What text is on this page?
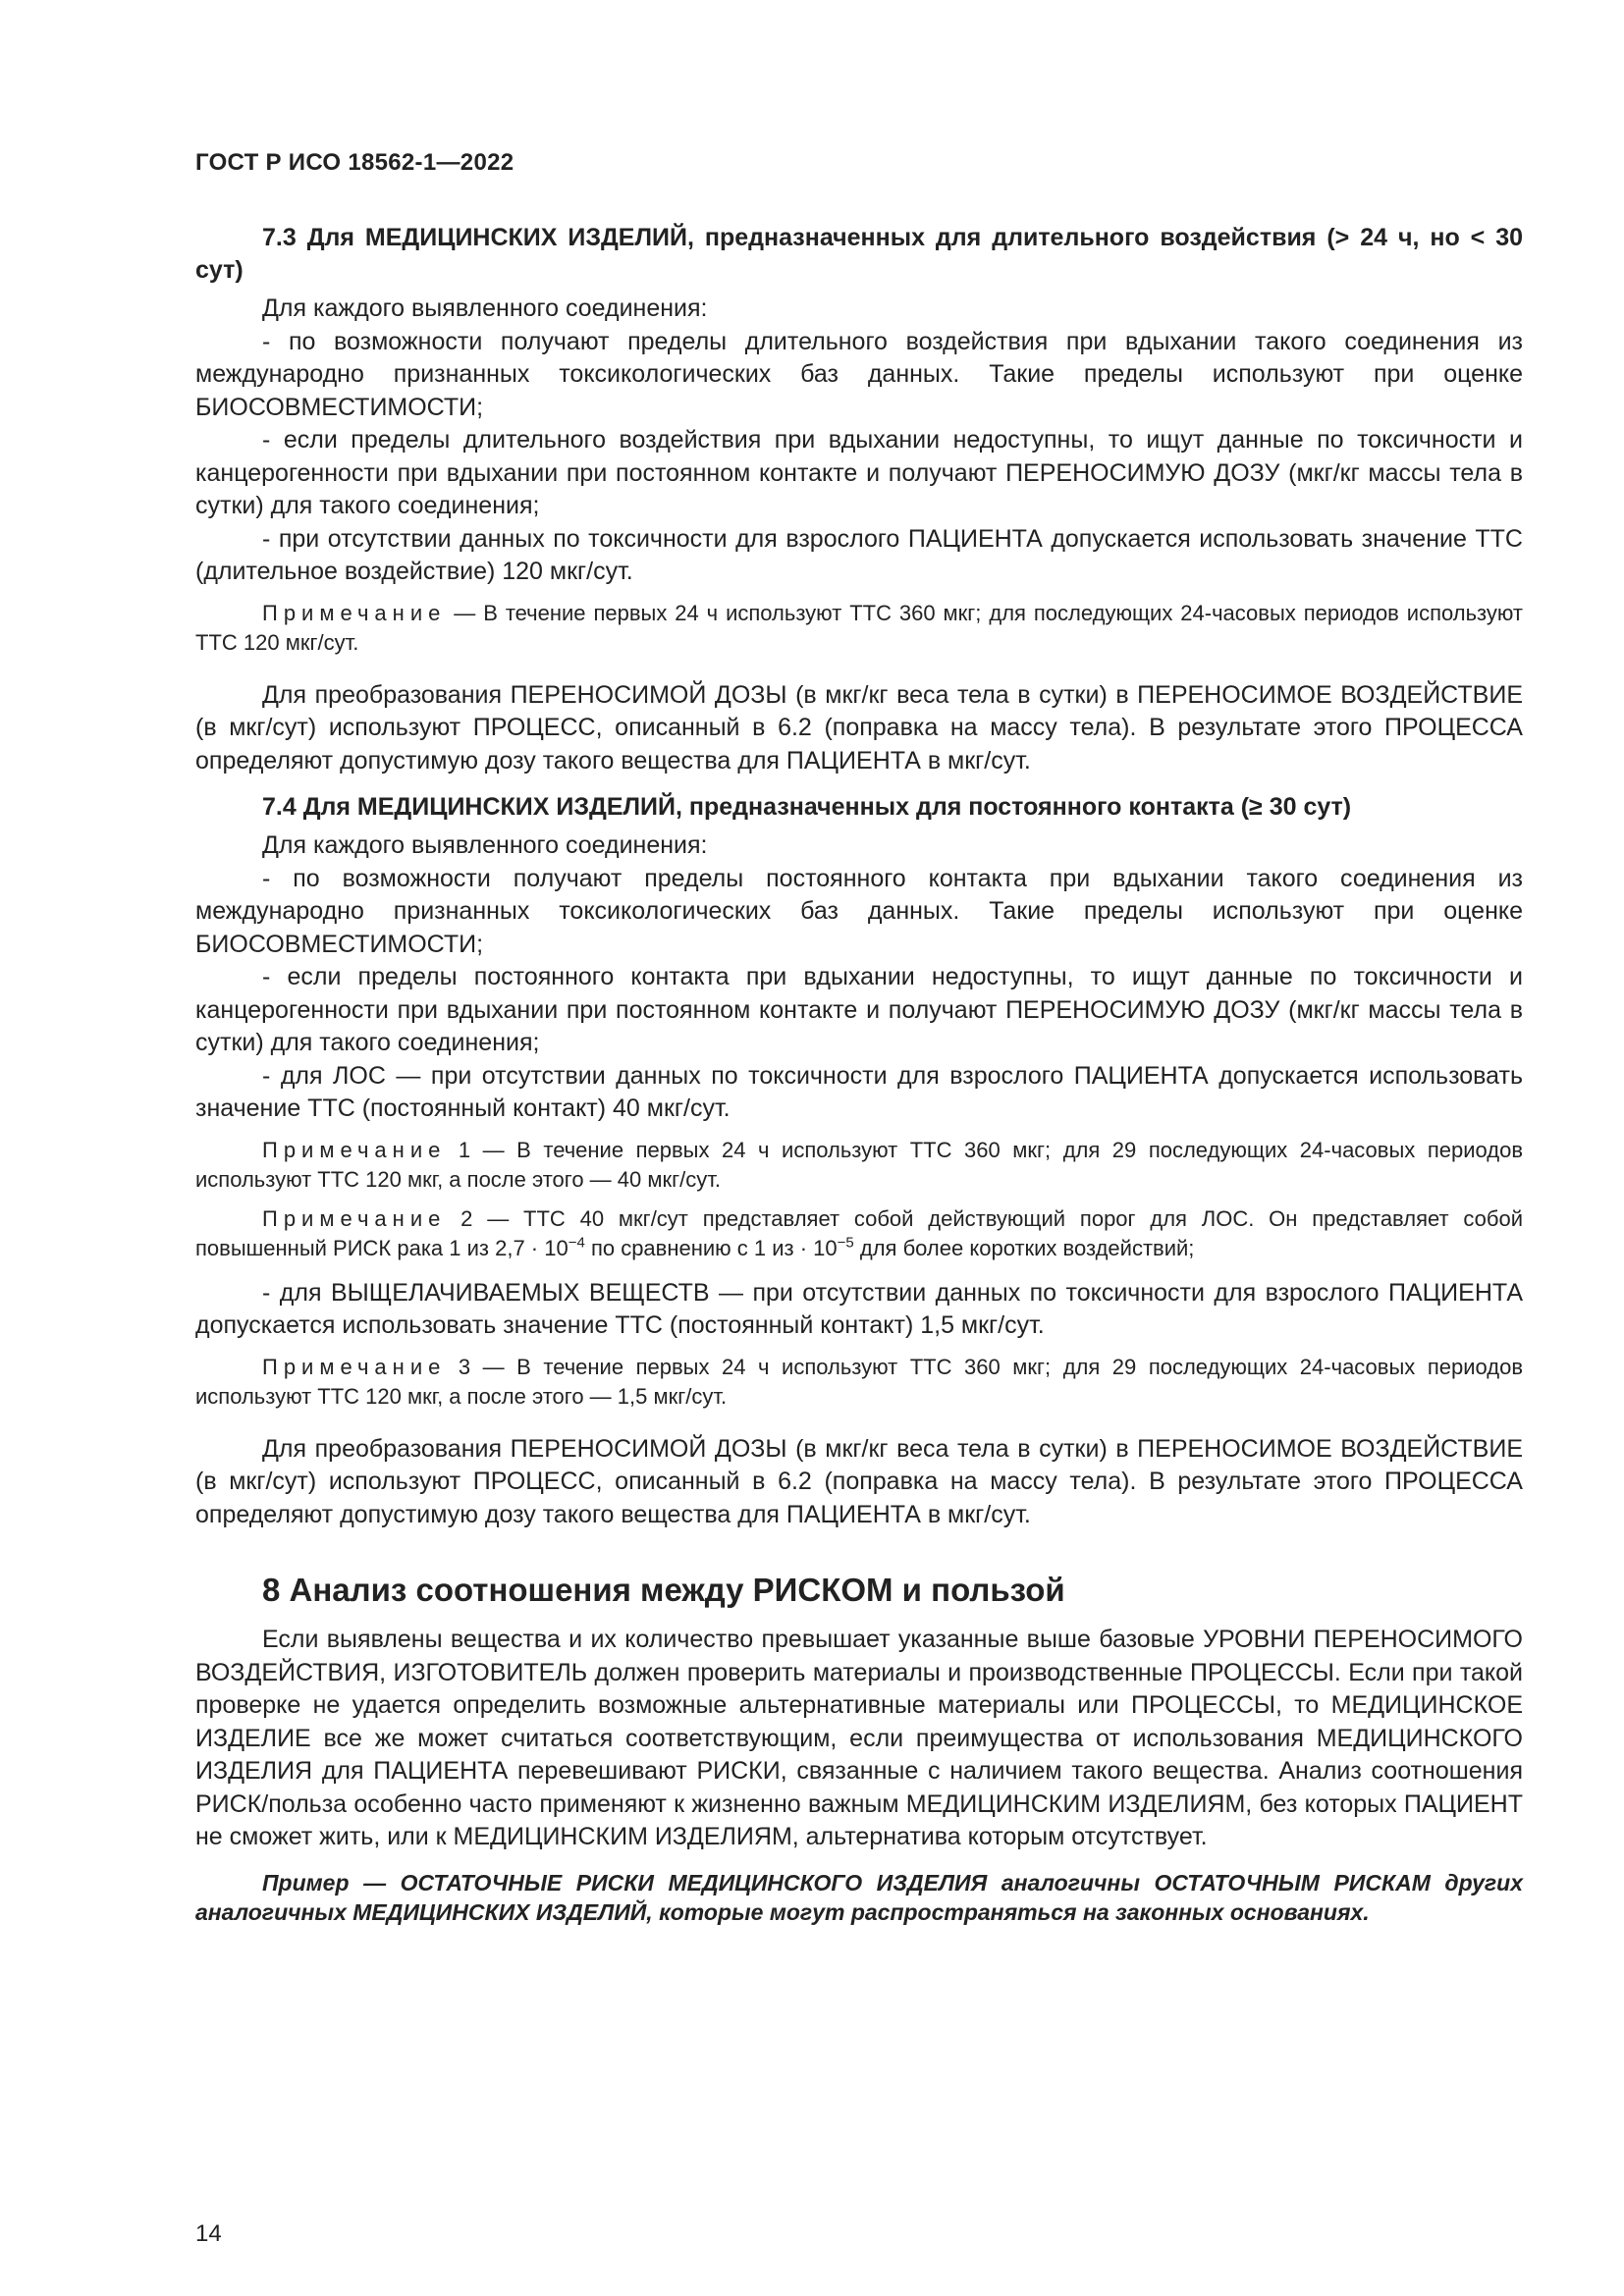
ГОСТ Р ИСО 18562-1—2022

7.3 Для МЕДИЦИНСКИХ ИЗДЕЛИЙ, предназначенных для длительного воздействия (> 24 ч, но < 30 сут)

Для каждого выявленного соединения:

- по возможности получают пределы длительного воздействия при вдыхании такого соединения из международно признанных токсикологических баз данных. Такие пределы используют при оценке БИОСОВМЕСТИМОСТИ;

- если пределы длительного воздействия при вдыхании недоступны, то ищут данные по токсичности и канцерогенности при вдыхании при постоянном контакте и получают ПЕРЕНОСИМУЮ ДОЗУ (мкг/кг массы тела в сутки) для такого соединения;

- при отсутствии данных по токсичности для взрослого ПАЦИЕНТА допускается использовать значение ТТС (длительное воздействие) 120 мкг/сут.

Примечание — В течение первых 24 ч используют ТТС 360 мкг; для последующих 24-часовых периодов используют ТТС 120 мкг/сут.

Для преобразования ПЕРЕНОСИМОЙ ДОЗЫ (в мкг/кг веса тела в сутки) в ПЕРЕНОСИМОЕ ВОЗДЕЙСТВИЕ (в мкг/сут) используют ПРОЦЕСС, описанный в 6.2 (поправка на массу тела). В результате этого ПРОЦЕССА определяют допустимую дозу такого вещества для ПАЦИЕНТА в мкг/сут.

7.4 Для МЕДИЦИНСКИХ ИЗДЕЛИЙ, предназначенных для постоянного контакта (≥ 30 сут)

Для каждого выявленного соединения:

- по возможности получают пределы постоянного контакта при вдыхании такого соединения из международно признанных токсикологических баз данных. Такие пределы используют при оценке БИОСОВМЕСТИМОСТИ;

- если пределы постоянного контакта при вдыхании недоступны, то ищут данные по токсичности и канцерогенности при вдыхании при постоянном контакте и получают ПЕРЕНОСИМУЮ ДОЗУ (мкг/кг массы тела в сутки) для такого соединения;

- для ЛОС — при отсутствии данных по токсичности для взрослого ПАЦИЕНТА допускается использовать значение ТТС (постоянный контакт) 40 мкг/сут.

Примечание 1 — В течение первых 24 ч используют ТТС 360 мкг; для 29 последующих 24-часовых периодов используют ТТС 120 мкг, а после этого — 40 мкг/сут.

Примечание 2 — ТТС 40 мкг/сут представляет собой действующий порог для ЛОС. Он представляет собой повышенный РИСК рака 1 из $2,7 \cdot 10^{-4}$ по сравнению с 1 из · $10^{-5}$ для более коротких воздействий;

- для ВЫЩЕЛАЧИВАЕМЫХ ВЕЩЕСТВ — при отсутствии данных по токсичности для взрослого ПАЦИЕНТА допускается использовать значение ТТС (постоянный контакт) 1,5 мкг/сут.

Примечание 3 — В течение первых 24 ч используют ТТС 360 мкг; для 29 последующих 24-часовых периодов используют ТТС 120 мкг, а после этого — 1,5 мкг/сут.

Для преобразования ПЕРЕНОСИМОЙ ДОЗЫ (в мкг/кг веса тела в сутки) в ПЕРЕНОСИМОЕ ВОЗДЕЙСТВИЕ (в мкг/сут) используют ПРОЦЕСС, описанный в 6.2 (поправка на массу тела). В результате этого ПРОЦЕССА определяют допустимую дозу такого вещества для ПАЦИЕНТА в мкг/сут.

8 Анализ соотношения между РИСКОМ и пользой

Если выявлены вещества и их количество превышает указанные выше базовые УРОВНИ ПЕРЕНОСИМОГО ВОЗДЕЙСТВИЯ, ИЗГОТОВИТЕЛЬ должен проверить материалы и производственные ПРОЦЕССЫ. Если при такой проверке не удается определить возможные альтернативные материалы или ПРОЦЕССЫ, то МЕДИЦИНСКОЕ ИЗДЕЛИЕ все же может считаться соответствующим, если преимущества от использования МЕДИЦИНСКОГО ИЗДЕЛИЯ для ПАЦИЕНТА перевешивают РИСКИ, связанные с наличием такого вещества. Анализ соотношения РИСК/польза особенно часто применяют к жизненно важным МЕДИЦИНСКИМ ИЗДЕЛИЯМ, без которых ПАЦИЕНТ не сможет жить, или к МЕДИЦИНСКИМ ИЗДЕЛИЯМ, альтернатива которым отсутствует.

Пример — ОСТАТОЧНЫЕ РИСКИ МЕДИЦИНСКОГО ИЗДЕЛИЯ аналогичны ОСТАТОЧНЫМ РИСКАМ других аналогичных МЕДИЦИНСКИХ ИЗДЕЛИЙ, которые могут распространяться на законных основаниях.

14
